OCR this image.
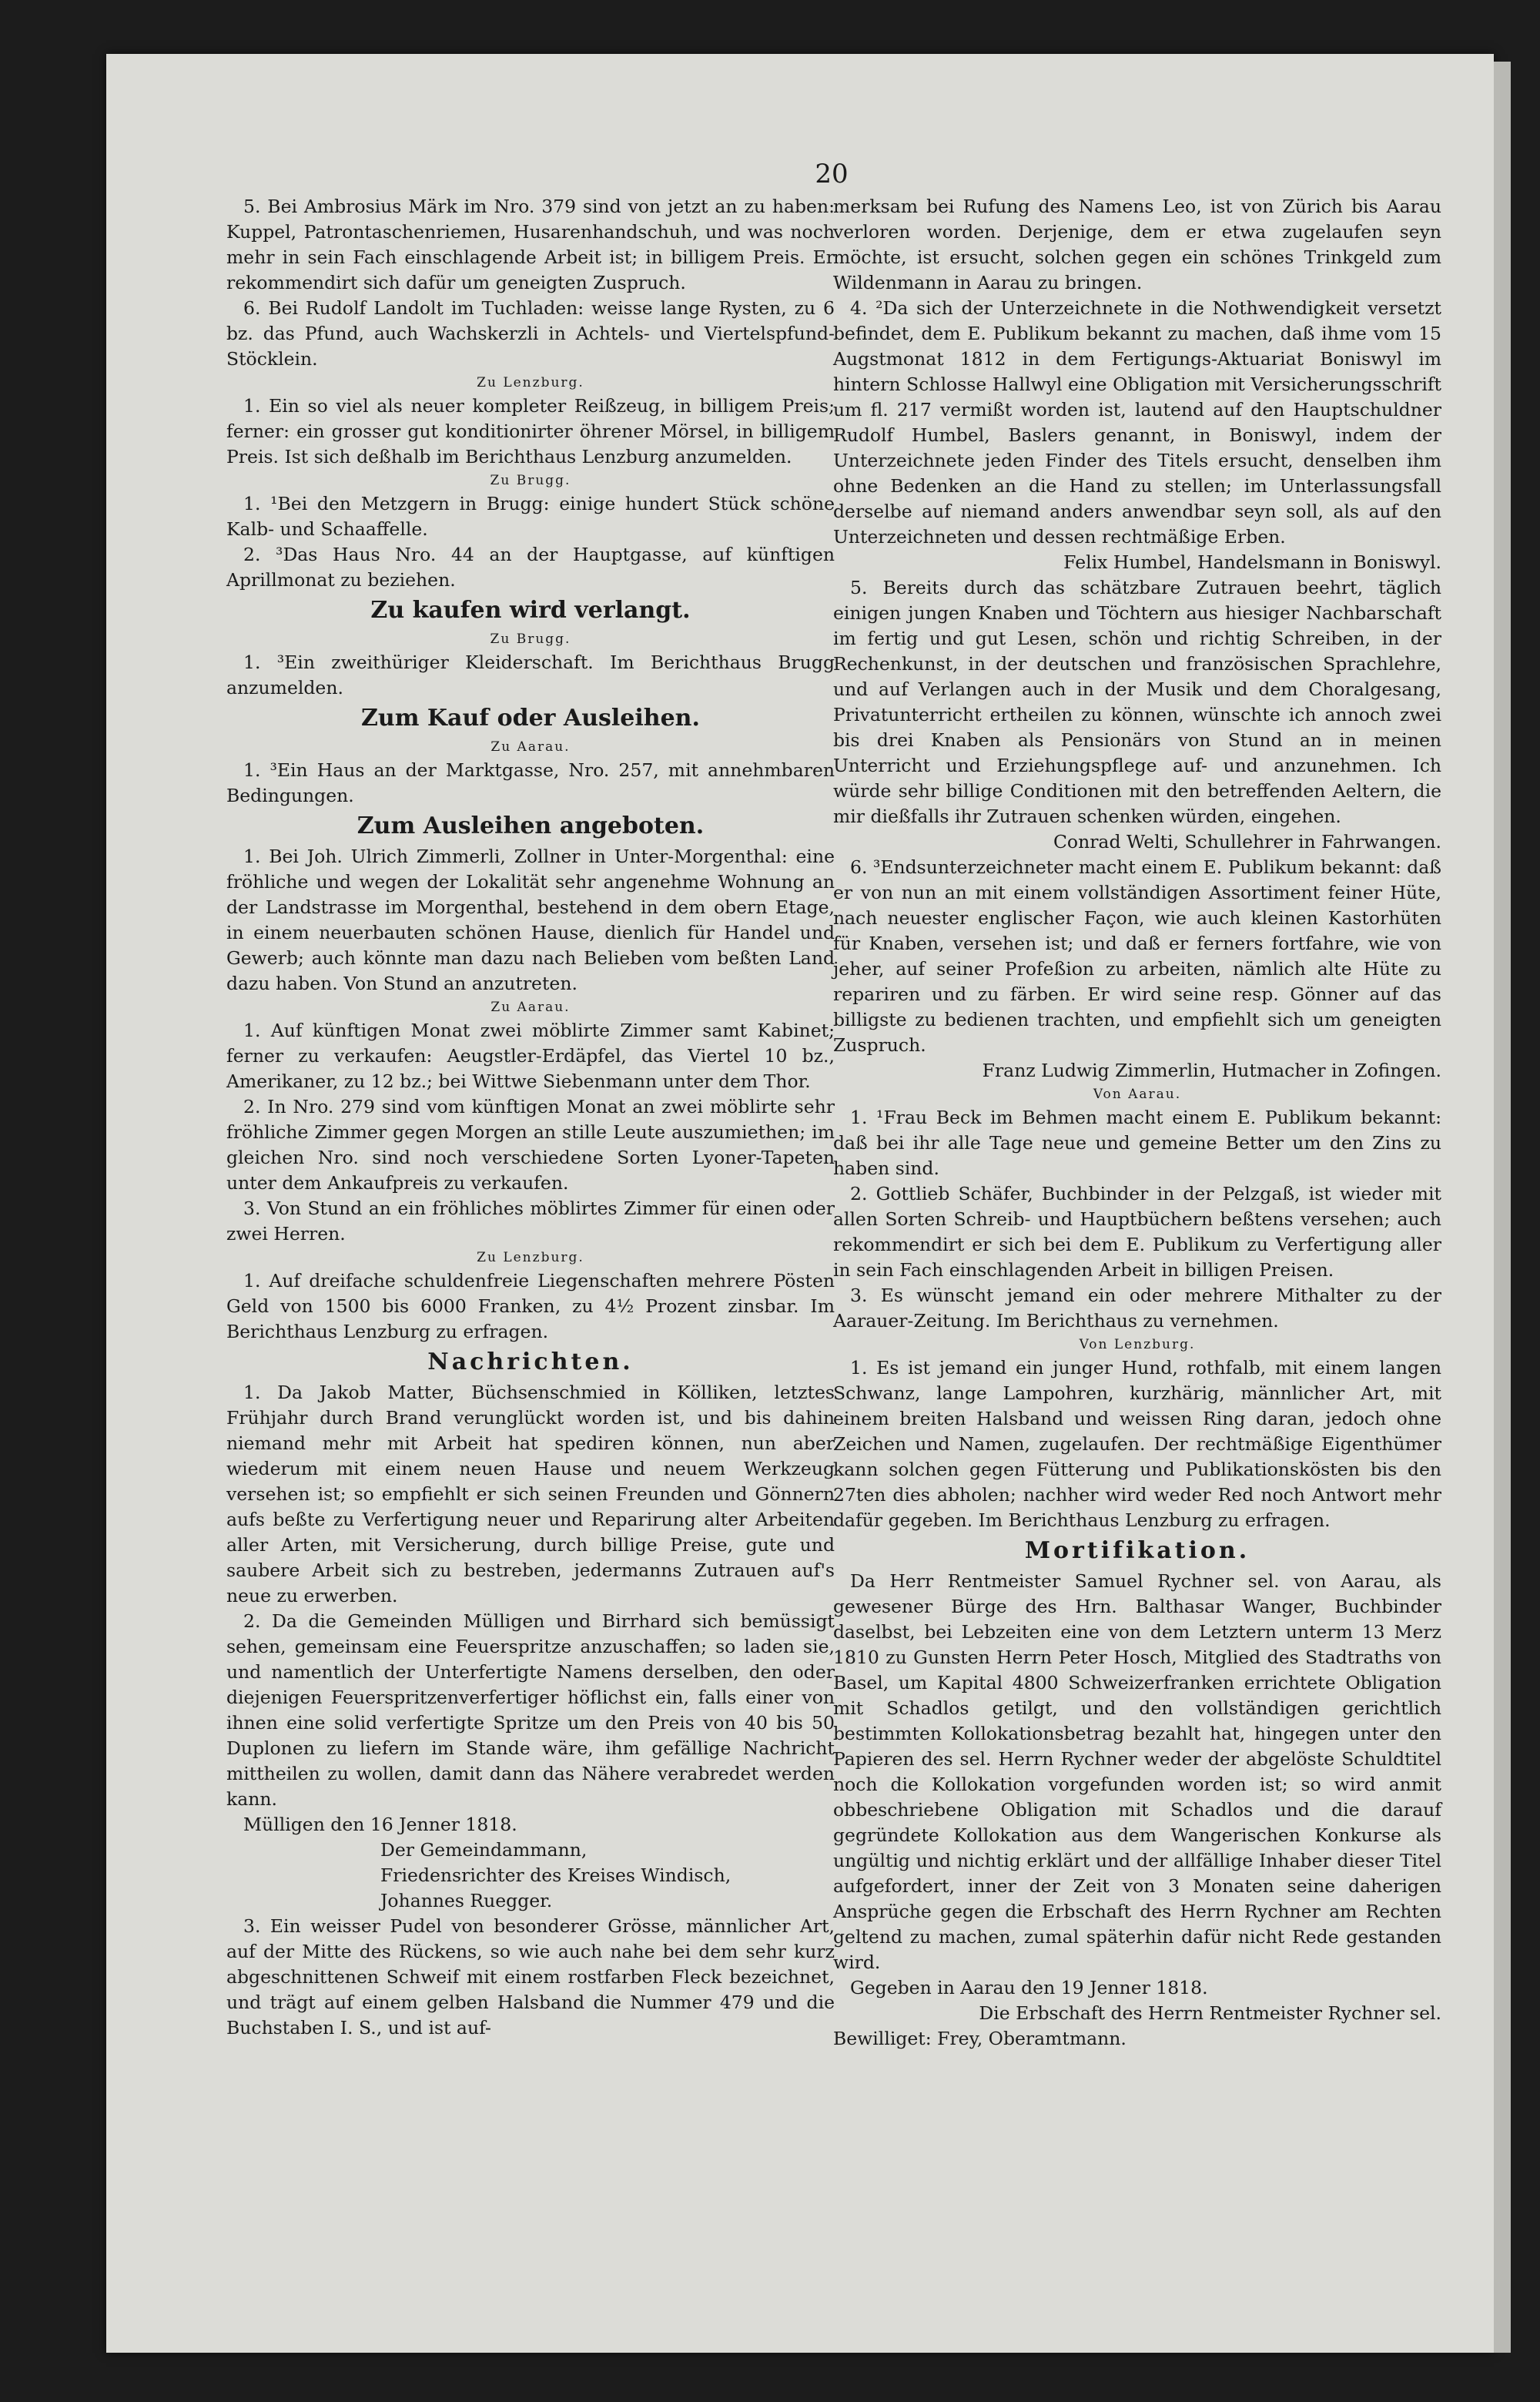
20

5. Bei Ambrosius Märk im Nro. 379 sind von jetzt an zu haben: Kuppel, Patrontaschenriemen, Husarenhandschuh, und was noch mehr in sein Fach einschlagende Arbeit ist; in billigem Preis. Er rekommendirt sich dafür um geneigten Zuspruch.

6. Bei Rudolf Landolt im Tuchladen: weisse lange Rysten, zu 6 bz. das Pfund, auch Wachskerzli in Achtels- und Viertelspfund-Stöcklein.

Zu Lenzburg.

1. Ein so viel als neuer kompleter Reißzeug, in billigem Preis; ferner: ein grosser gut konditionirter öhrener Mörsel, in billigem Preis. Ist sich deßhalb im Berichthaus Lenzburg anzumelden.

Zu Brugg.

1. ¹Bei den Metzgern in Brugg: einige hundert Stück schöne Kalb- und Schaaffelle.

2. ³Das Haus Nro. 44 an der Hauptgasse, auf künftigen Aprillmonat zu beziehen.

Zu kaufen wird verlangt.
Zu Brugg.

1. ³Ein zweithüriger Kleiderschaft. Im Berichthaus Brugg anzumelden.

Zum Kauf oder Ausleihen.
Zu Aarau.

1. ³Ein Haus an der Marktgasse, Nro. 257, mit annehmbaren Bedingungen.

Zum Ausleihen angeboten.

1. Bei Joh. Ulrich Zimmerli, Zollner in Unter-Morgenthal: eine fröhliche und wegen der Lokalität sehr angenehme Wohnung an der Landstrasse im Morgenthal, bestehend in dem obern Etage, in einem neuerbauten schönen Hause, dienlich für Handel und Gewerb; auch könnte man dazu nach Belieben vom beßten Land dazu haben. Von Stund an anzutreten.

Zu Aarau.

1. Auf künftigen Monat zwei möblirte Zimmer samt Kabinet; ferner zu verkaufen: Aeugstler-Erdäpfel, das Viertel 10 bz., Amerikaner, zu 12 bz.; bei Wittwe Siebenmann unter dem Thor.

2. In Nro. 279 sind vom künftigen Monat an zwei möblirte sehr fröhliche Zimmer gegen Morgen an stille Leute auszumiethen; im gleichen Nro. sind noch verschiedene Sorten Lyoner-Tapeten unter dem Ankaufpreis zu verkaufen.

3. Von Stund an ein fröhliches möblirtes Zimmer für einen oder zwei Herren.

Zu Lenzburg.

1. Auf dreifache schuldenfreie Liegenschaften mehrere Pösten Geld von 1500 bis 6000 Franken, zu 4½ Prozent zinsbar. Im Berichthaus Lenzburg zu erfragen.

Nachrichten.

1. Da Jakob Matter, Büchsenschmied in Kölliken, letztes Frühjahr durch Brand verunglückt worden ist, und bis dahin niemand mehr mit Arbeit hat spediren können, nun aber wiederum mit einem neuen Hause und neuem Werkzeug versehen ist; so empfiehlt er sich seinen Freunden und Gönnern aufs beßte zu Verfertigung neuer und Reparirung alter Arbeiten aller Arten, mit Versicherung, durch billige Preise, gute und saubere Arbeit sich zu bestreben, jedermanns Zutrauen auf's neue zu erwerben.

2. Da die Gemeinden Mülligen und Birrhard sich bemüssigt sehen, gemeinsam eine Feuerspritze anzuschaffen; so laden sie, und namentlich der Unterfertigte Namens derselben, den oder diejenigen Feuerspritzenverfertiger höflichst ein, falls einer von ihnen eine solid verfertigte Spritze um den Preis von 40 bis 50 Duplonen zu liefern im Stande wäre, ihm gefällige Nachricht mittheilen zu wollen, damit dann das Nähere verabredet werden kann.

Mülligen den 16 Jenner 1818.

Der Gemeindammann,
Friedensrichter des Kreises Windisch,
Johannes Ruegger.

3. Ein weisser Pudel von besonderer Grösse, männlicher Art, auf der Mitte des Rückens, so wie auch nahe bei dem sehr kurz abgeschnittenen Schweif mit einem rostfarben Fleck bezeichnet, und trägt auf einem gelben Halsband die Nummer 479 und die Buchstaben I. S., und ist auf-

merksam bei Rufung des Namens Leo, ist von Zürich bis Aarau verloren worden. Derjenige, dem er etwa zugelaufen seyn möchte, ist ersucht, solchen gegen ein schönes Trinkgeld zum Wildenmann in Aarau zu bringen.

4. ²Da sich der Unterzeichnete in die Nothwendigkeit versetzt befindet, dem E. Publikum bekannt zu machen, daß ihme vom 15 Augstmonat 1812 in dem Fertigungs-Aktuariat Boniswyl im hintern Schlosse Hallwyl eine Obligation mit Versicherungsschrift um fl. 217 vermißt worden ist, lautend auf den Hauptschuldner Rudolf Humbel, Baslers genannt, in Boniswyl, indem der Unterzeichnete jeden Finder des Titels ersucht, denselben ihm ohne Bedenken an die Hand zu stellen; im Unterlassungsfall derselbe auf niemand anders anwendbar seyn soll, als auf den Unterzeichneten und dessen rechtmäßige Erben.

Felix Humbel, Handelsmann in Boniswyl.

5. Bereits durch das schätzbare Zutrauen beehrt, täglich einigen jungen Knaben und Töchtern aus hiesiger Nachbarschaft im fertig und gut Lesen, schön und richtig Schreiben, in der Rechenkunst, in der deutschen und französischen Sprachlehre, und auf Verlangen auch in der Musik und dem Choralgesang, Privatunterricht ertheilen zu können, wünschte ich annoch zwei bis drei Knaben als Pensionärs von Stund an in meinen Unterricht und Erziehungspflege auf- und anzunehmen. Ich würde sehr billige Conditionen mit den betreffenden Aeltern, die mir dießfalls ihr Zutrauen schenken würden, eingehen.

Conrad Welti, Schullehrer in Fahrwangen.

6. ³Endsunterzeichneter macht einem E. Publikum bekannt: daß er von nun an mit einem vollständigen Assortiment feiner Hüte, nach neuester englischer Façon, wie auch kleinen Kastorhüten für Knaben, versehen ist; und daß er ferners fortfahre, wie von jeher, auf seiner Profeßion zu arbeiten, nämlich alte Hüte zu repariren und zu färben. Er wird seine resp. Gönner auf das billigste zu bedienen trachten, und empfiehlt sich um geneigten Zuspruch.

Franz Ludwig Zimmerlin, Hutmacher in Zofingen.
Von Aarau.

1. ¹Frau Beck im Behmen macht einem E. Publikum bekannt: daß bei ihr alle Tage neue und gemeine Better um den Zins zu haben sind.

2. Gottlieb Schäfer, Buchbinder in der Pelzgaß, ist wieder mit allen Sorten Schreib- und Hauptbüchern beßtens versehen; auch rekommendirt er sich bei dem E. Publikum zu Verfertigung aller in sein Fach einschlagenden Arbeit in billigen Preisen.

3. Es wünscht jemand ein oder mehrere Mithalter zu der Aarauer-Zeitung. Im Berichthaus zu vernehmen.

Von Lenzburg.

1. Es ist jemand ein junger Hund, rothfalb, mit einem langen Schwanz, lange Lampohren, kurzhärig, männlicher Art, mit einem breiten Halsband und weissen Ring daran, jedoch ohne Zeichen und Namen, zugelaufen. Der rechtmäßige Eigenthümer kann solchen gegen Fütterung und Publikationskösten bis den 27ten dies abholen; nachher wird weder Red noch Antwort mehr dafür gegeben. Im Berichthaus Lenzburg zu erfragen.

Mortifikation.

Da Herr Rentmeister Samuel Rychner sel. von Aarau, als gewesener Bürge des Hrn. Balthasar Wanger, Buchbinder daselbst, bei Lebzeiten eine von dem Letztern unterm 13 Merz 1810 zu Gunsten Herrn Peter Hosch, Mitglied des Stadtraths von Basel, um Kapital 4800 Schweizerfranken errichtete Obligation mit Schadlos getilgt, und den vollständigen gerichtlich bestimmten Kollokationsbetrag bezahlt hat, hingegen unter den Papieren des sel. Herrn Rychner weder der abgelöste Schuldtitel noch die Kollokation vorgefunden worden ist; so wird anmit obbeschriebene Obligation mit Schadlos und die darauf gegründete Kollokation aus dem Wangerischen Konkurse als ungültig und nichtig erklärt und der allfällige Inhaber dieser Titel aufgefordert, inner der Zeit von 3 Monaten seine daherigen Ansprüche gegen die Erbschaft des Herrn Rychner am Rechten geltend zu machen, zumal späterhin dafür nicht Rede gestanden wird.

Gegeben in Aarau den 19 Jenner 1818.

Die Erbschaft des Herrn Rentmeister Rychner sel.
Bewilliget: Frey, Oberamtmann.
